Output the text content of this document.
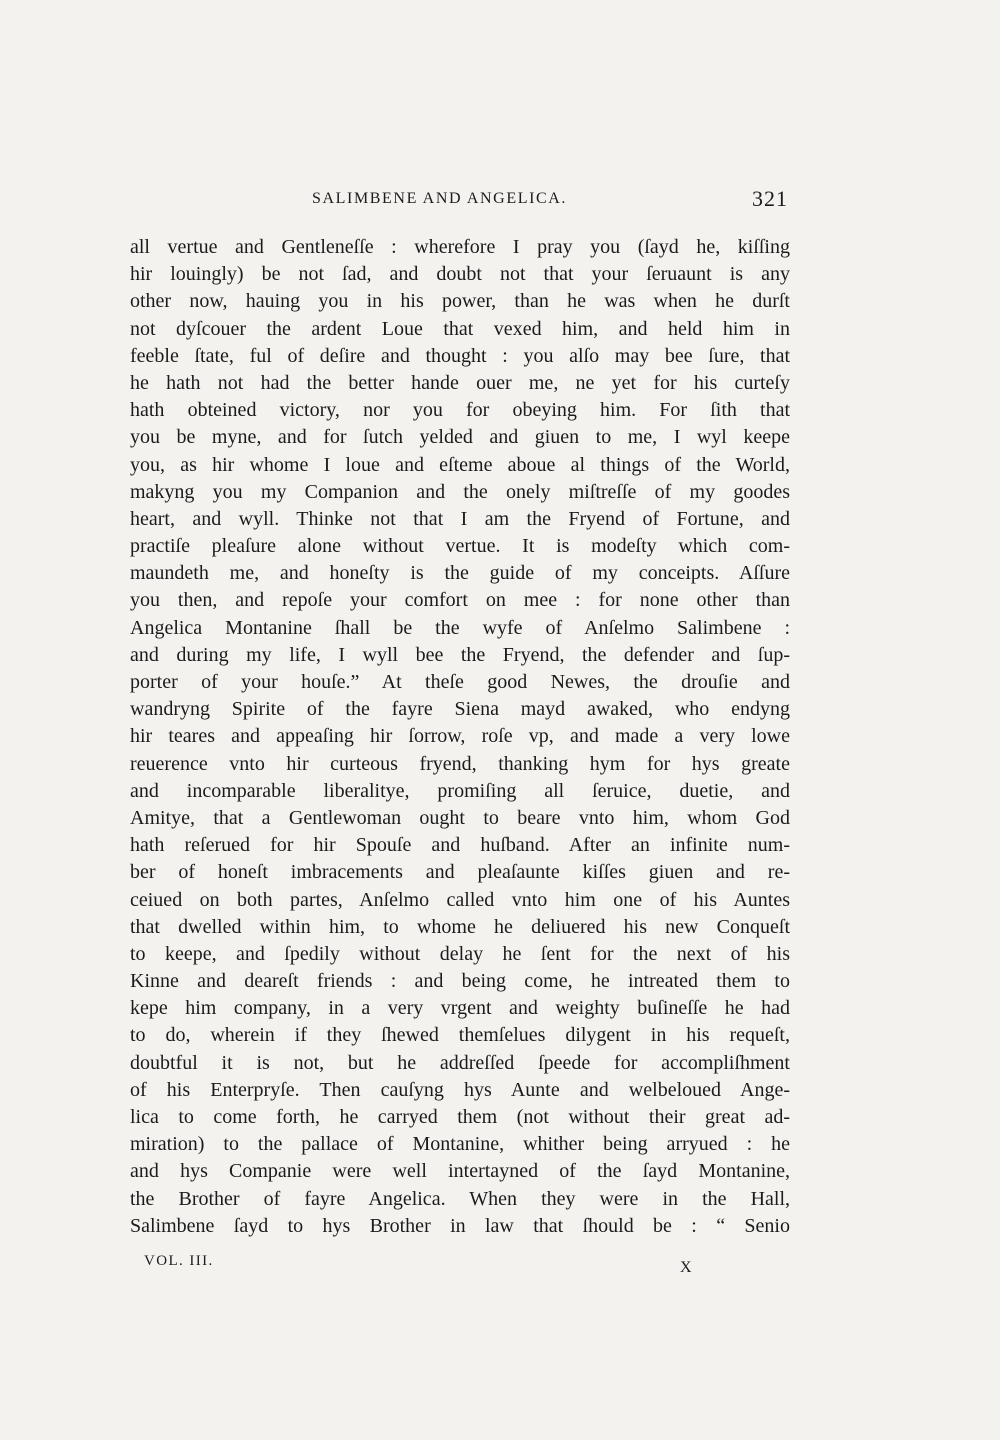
SALIMBENE AND ANGELICA.	321
all vertue and Gentleneſſe : wherefore I pray you (ſayd he, kiſſing
hir louingly) be not ſad, and doubt not that your ſeruaunt is any
other now, hauing you in his power, than he was when he durſt
not dyſcouer the ardent Loue that vexed him, and held him in
feeble ſtate, ful of deſire and thought : you alſo may bee ſure, that
he hath not had the better hande ouer me, ne yet for his curteſy
hath obteined victory, nor you for obeying him. For ſith that
you be myne, and for ſutch yelded and giuen to me, I wyl keepe
you, as hir whome I loue and eſteme aboue al things of the World,
makyng you my Companion and the onely miſtreſſe of my goodes
heart, and wyll. Thinke not that I am the Fryend of Fortune, and
practiſe pleaſure alone without vertue. It is modeſty which com-
maundeth me, and honeſty is the guide of my conceipts. Aſſure
you then, and repoſe your comfort on mee : for none other than
Angelica Montanine ſhall be the wyfe of Anſelmo Salimbene :
and during my life, I wyll bee the Fryend, the defender and ſup-
porter of your houſe.” At theſe good Newes, the drouſie and
wandryng Spirite of the fayre Siena mayd awaked, who endyng
hir teares and appeaſing hir ſorrow, roſe vp, and made a very lowe
reuerence vnto hir curteous fryend, thanking hym for hys greate
and incomparable liberalitye, promiſing all ſeruice, duetie, and
Amitye, that a Gentlewoman ought to beare vnto him, whom God
hath reſerued for hir Spouſe and huſband. After an infinite num-
ber of honeſt imbracements and pleaſaunte kiſſes giuen and re-
ceiued on both partes, Anſelmo called vnto him one of his Auntes
that dwelled within him, to whome he deliuered his new Conqueſt
to keepe, and ſpedily without delay he ſent for the next of his
Kinne and deareſt friends : and being come, he intreated them to
kepe him company, in a very vrgent and weighty buſineſſe he had
to do, wherein if they ſhewed themſelues dilygent in his requeſt,
doubtful it is not, but he addreſſed ſpeede for accompliſhment
of his Enterpryſe. Then cauſyng hys Aunte and welbeloued Ange-
lica to come forth, he carryed them (not without their great ad-
miration) to the pallace of Montanine, whither being arryued : he
and hys Companie were well intertayned of the ſayd Montanine,
the Brother of fayre Angelica. When they were in the Hall,
Salimbene ſayd to hys Brother in law that ſhould be : “ Senio
VOL. III.	X
